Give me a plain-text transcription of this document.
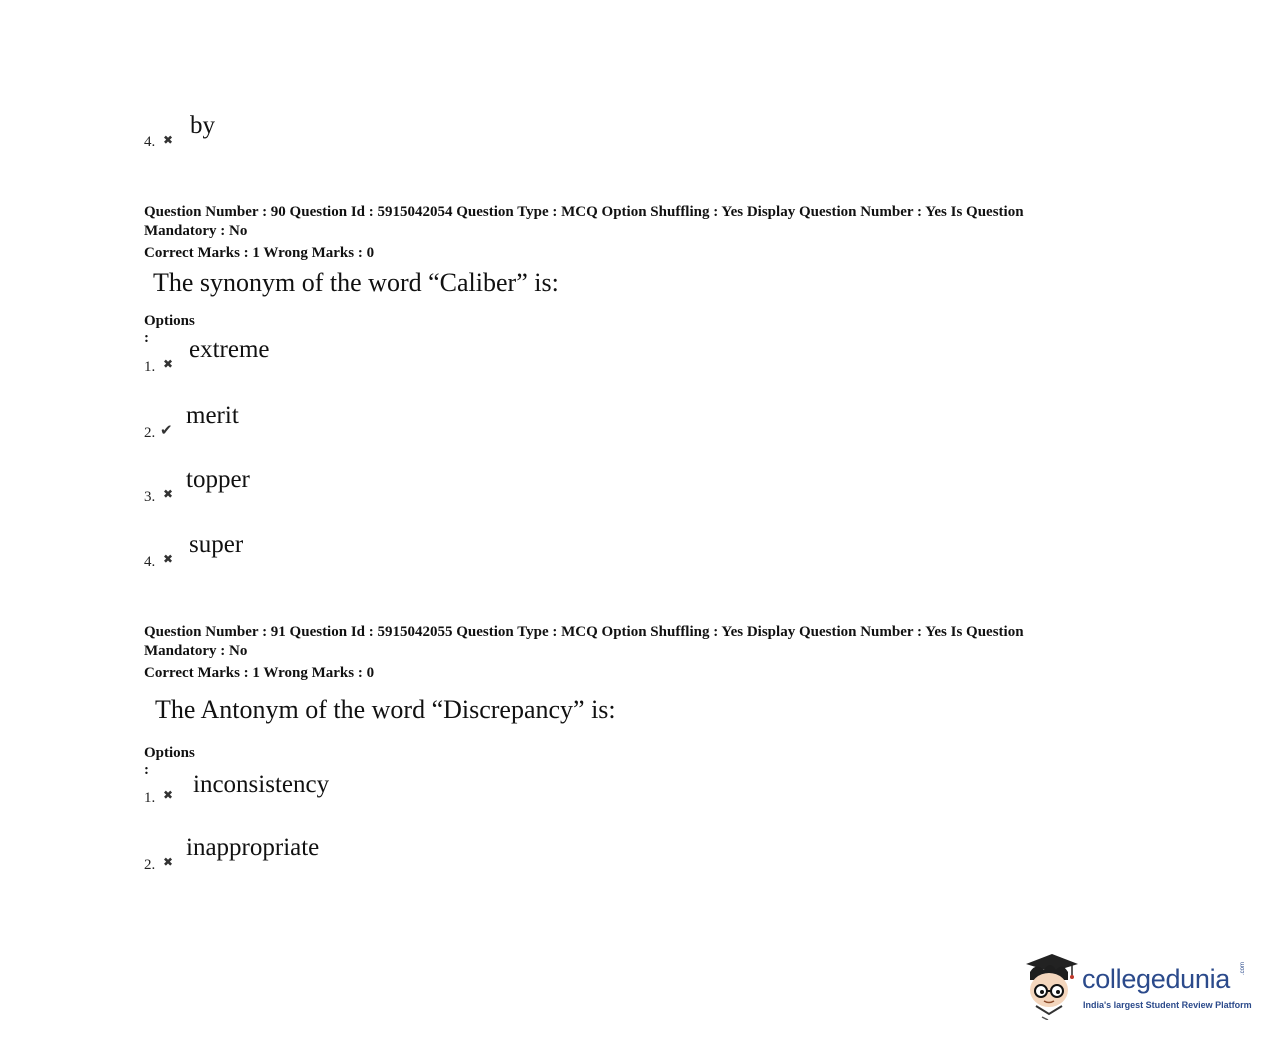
4. ✖
by
Question Number : 90 Question Id : 5915042054 Question Type : MCQ Option Shuffling : Yes Display Question Number : Yes Is Question
Mandatory : No
Correct Marks : 1 Wrong Marks : 0
The synonym of the word “Caliber” is:
Options :
1. ✖
extreme
2. ✔
merit
3. ✖
topper
4. ✖
super
Question Number : 91 Question Id : 5915042055 Question Type : MCQ Option Shuffling : Yes Display Question Number : Yes Is Question
Mandatory : No
Correct Marks : 1 Wrong Marks : 0
The Antonym of the word “Discrepancy” is:
Options :
1. ✖ inconsistency
2. ✖
inappropriate
collegedunia .com
India's largest Student Review Platform
